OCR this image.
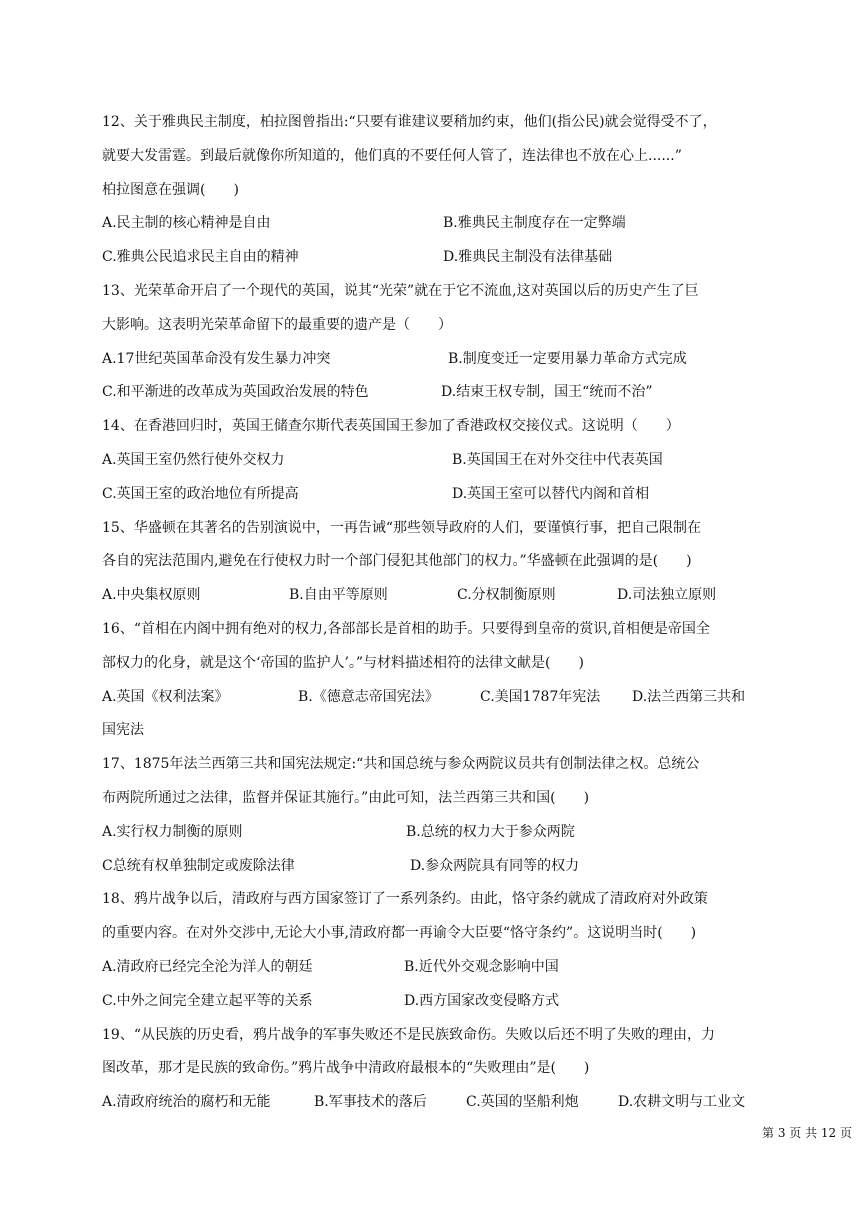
12、关于雅典民主制度，柏拉图曾指出:“只要有谁建议要稍加约束，他们(指公民)就会觉得受不了，
就要大发雷霆。到最后就像你所知道的，他们真的不要任何人管了，连法律也不放在心上......”
柏拉图意在强调(　　)
A.民主制的核心精神是自由	B.雅典民主制度存在一定弊端
C.雅典公民追求民主自由的精神	D.雅典民主制没有法律基础
13、光荣革命开启了一个现代的英国，说其“光荣”就在于它不流血,这对英国以后的历史产生了巨
大影响。这表明光荣革命留下的最重要的遗产是（　　）
A.17世纪英国革命没有发生暴力冲突	B.制度变迁一定要用暴力革命方式完成
C.和平渐进的改革成为英国政治发展的特色	D.结束王权专制，国王“统而不治”
14、在香港回归时，英国王储查尔斯代表英国国王参加了香港政权交接仪式。这说明（　　）
A.英国王室仍然行使外交权力	B.英国国王在对外交往中代表英国
C.英国王室的政治地位有所提高	D.英国王室可以替代内阁和首相
15、华盛顿在其著名的告别演说中，一再告诫“那些领导政府的人们，要谨慎行事，把自己限制在
各自的宪法范围内,避免在行使权力时一个部门侵犯其他部门的权力。”华盛顿在此强调的是(　　)
A.中央集权原则	B.自由平等原则	C.分权制衡原则	D.司法独立原则
16、“首相在内阁中拥有绝对的权力,各部部长是首相的助手。只要得到皇帝的赏识,首相便是帝国全
部权力的化身，就是这个‘帝国的监护人’。”与材料描述相符的法律文献是(　　)
A.英国《权利法案》	B.《德意志帝国宪法》	C.美国1787年宪法	D.法兰西第三共和
国宪法
17、1875年法兰西第三共和国宪法规定:“共和国总统与参众两院议员共有创制法律之权。总统公
布两院所通过之法律，监督并保证其施行。”由此可知，法兰西第三共和国(　　)
A.实行权力制衡的原则	B.总统的权力大于参众两院
C总统有权单独制定或废除法律	D.参众两院具有同等的权力
18、鸦片战争以后，清政府与西方国家签订了一系列条约。由此，恪守条约就成了清政府对外政策
的重要内容。在对外交涉中,无论大小事,清政府都一再谕令大臣要“恪守条约”。这说明当时(　　)
A.清政府已经完全沦为洋人的朝廷	B.近代外交观念影响中国
C.中外之间完全建立起平等的关系	D.西方国家改变侵略方式
19、“从民族的历史看，鸦片战争的军事失败还不是民族致命伤。失败以后还不明了失败的理由，力
图改革，那才是民族的致命伤。”鸦片战争中清政府最根本的“失败理由”是(　　)
A.清政府统治的腐朽和无能	B.军事技术的落后	C.英国的坚船利炮	D.农耕文明与工业文
第 3 页 共 12 页
